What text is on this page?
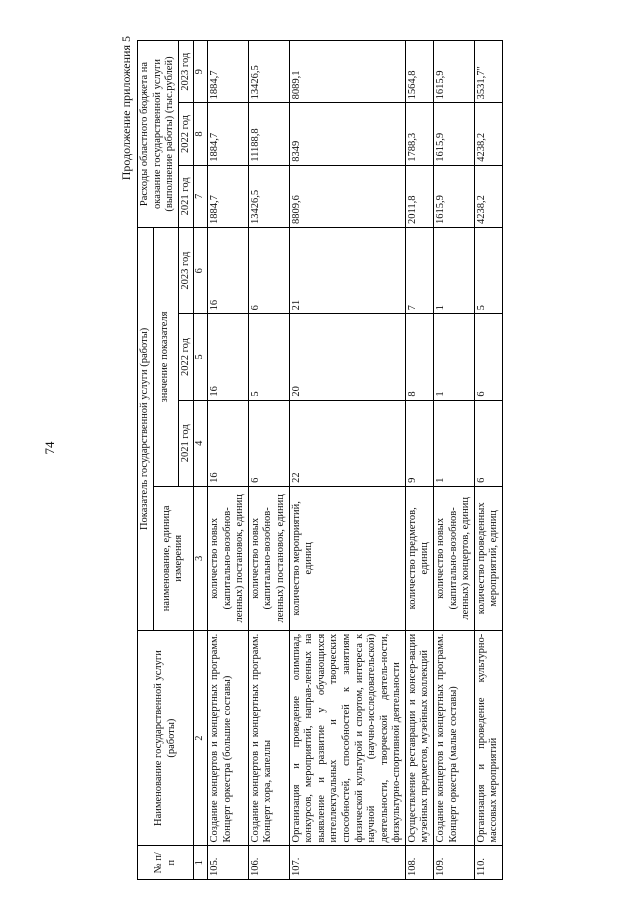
74
Продолжение приложения 5
№ п/п	Наименование государственной услуги (работы)	Показатель государственной услуги (работы)				Расходы областного бюджета на оказание государственной услуги (выполнение работы) (тыс.рублей)		
		наименование, единица измерения	значение показателя					
			2021 год	2022 год	2023 год	2021 год	2022 год	2023 год
1	2	3	4	5	6	7	8	9
105.	Создание концертов и концертных программ. Концерт оркестра (большие составы)	количество новых (капитально-возобнов-ленных) постановок, единиц	16	16	16	1884,7	1884,7	1884,7
106.	Создание концертов и концертных программ. Концерт хора, капеллы	количество новых (капитально-возобнов-ленных) постановок, единиц	6	5	6	13426,5	11188,8	13426,5
107.	Организация и проведение олимпиад, конкурсов, мероприятий, направ-ленных на выявление и развитие у обучающихся интеллектуальных и творческих способностей, способностей к занятиям физической культурой и спортом, интереса к научной (научно-исследовательской) деятельности, творческой деятель-ности, физкультурно-спортивной деятельности	количество мероприятий, единиц	22	20	21	8809,6	8349	8089,1
108.	Осуществление реставрации и консер-вации музейных предметов, музейных коллекций	количество предметов, единиц	9	8	7	2011,8	1788,3	1564,8
109.	Создание концертов и концертных программ. Концерт оркестра (малые составы)	количество новых (капитально-возобнов-ленных) концертов, единиц	1	1	1	1615,9	1615,9	1615,9
110.	Организация и проведение культурно-массовых мероприятий	количество проведенных мероприятий, единиц	6	6	5	4238,2	4238,2	3531,7"
